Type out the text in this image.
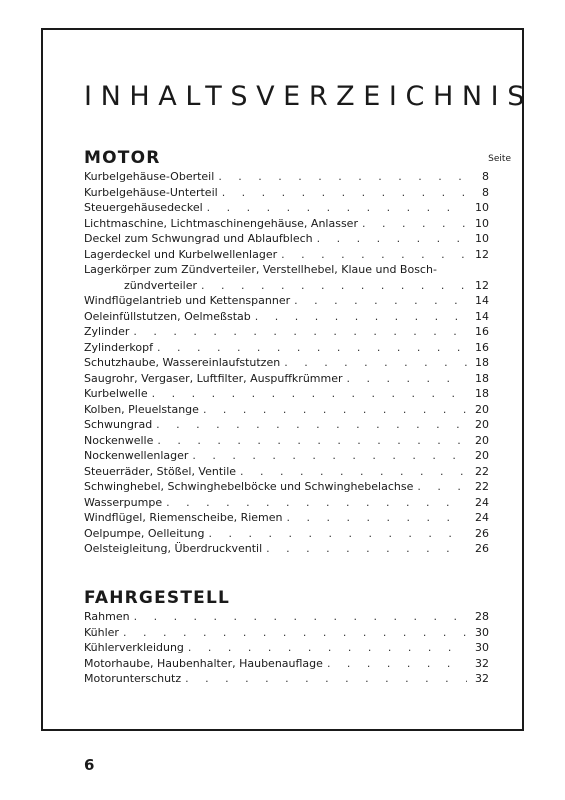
INHALTSVERZEICHNIS
MOTOR	Seite
Kurbelgehäuse-Oberteil . . .	8
Kurbelgehäuse-Unterteil . . .	8
Steuergehäusedeckel . . .	10
Lichtmaschine, Lichtmaschinengehäuse, Anlasser . . .	10
Deckel zum Schwungrad und Ablaufblech . . .	10
Lagerdeckel und Kurbelwellenlager . . .	12
Lagerkörper zum Zündverteiler, Verstellhebel, Klaue und Bosch-
zündverteiler . . .	12
Windflügelantrieb und Kettenspanner . . .	14
Oeleinfüllstutzen, Oelmeßstab . . .	14
Zylinder . . .	16
Zylinderkopf . . .	16
Schutzhaube, Wassereinlaufstutzen . . .	18
Saugrohr, Vergaser, Luftfilter, Auspuffkrümmer . . .	18
Kurbelwelle . . .	18
Kolben, Pleuelstange . . .	20
Schwungrad . . .	20
Nockenwelle . . .	20
Nockenwellenlager . . .	20
Steuerräder, Stößel, Ventile . . .	22
Schwinghebel, Schwinghebelböcke und Schwinghebelachse . . .	22
Wasserpumpe . . .	24
Windflügel, Riemenscheibe, Riemen . . .	24
Oelpumpe, Oelleitung . . .	26
Oelsteigleitung, Überdruckventil . . .	26
FAHRGESTELL
Rahmen . . .	28
Kühler . . .	30
Kühlerverkleidung . . .	30
Motorhaube, Haubenhalter, Haubenauflage . . .	32
Motorunterschutz . . .	32
6
